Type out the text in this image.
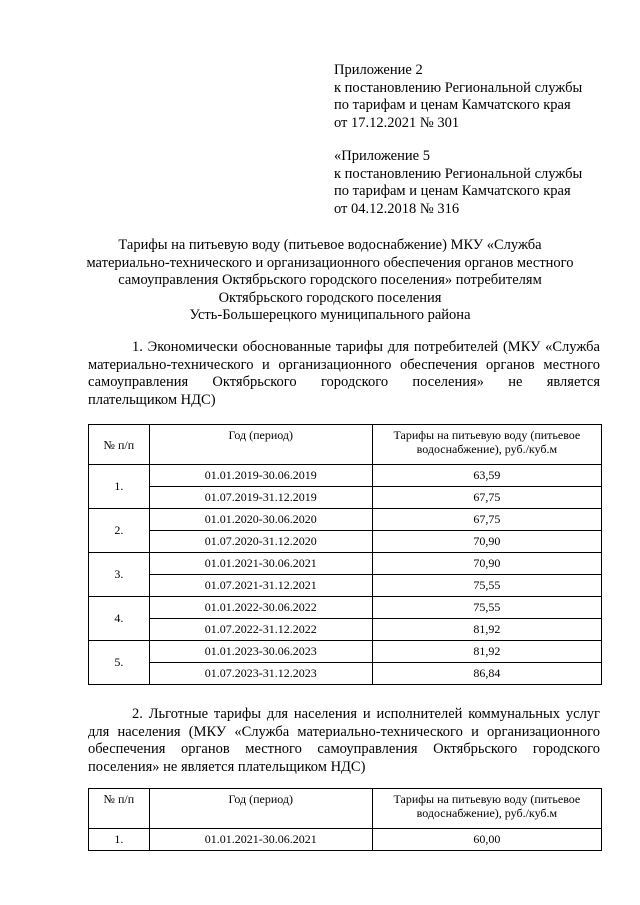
Приложение 2
к постановлению Региональной службы
по тарифам и ценам Камчатского края
от 17.12.2021 № 301
«Приложение 5
к постановлению Региональной службы
по тарифам и ценам Камчатского края
от 04.12.2018 № 316
Тарифы на питьевую воду (питьевое водоснабжение) МКУ «Служба
материально-технического и организационного обеспечения органов местного
самоуправления Октябрьского городского поселения» потребителям
Октябрьского городского поселения
Усть-Большерецкого муниципального района
1. Экономически обоснованные тарифы для потребителей (МКУ «Служба
материально-технического и организационного обеспечения органов местного
самоуправления Октябрьского городского поселения» не является
плательщиком НДС)
№ п/п	Год (период)	Тарифы на питьевую воду (питьевое водоснабжение), руб./куб.м
1.	01.01.2019-30.06.2019	63,59
	01.07.2019-31.12.2019	67,75
2.	01.01.2020-30.06.2020	67,75
	01.07.2020-31.12.2020	70,90
3.	01.01.2021-30.06.2021	70,90
	01.07.2021-31.12.2021	75,55
4.	01.01.2022-30.06.2022	75,55
	01.07.2022-31.12.2022	81,92
5.	01.01.2023-30.06.2023	81,92
	01.07.2023-31.12.2023	86,84
2. Льготные тарифы для населения и исполнителей коммунальных услуг
для населения (МКУ «Служба материально-технического и организационного
обеспечения органов местного самоуправления Октябрьского городского
поселения» не является плательщиком НДС)
№ п/п	Год (период)	Тарифы на питьевую воду (питьевое водоснабжение), руб./куб.м
1.	01.01.2021-30.06.2021	60,00
